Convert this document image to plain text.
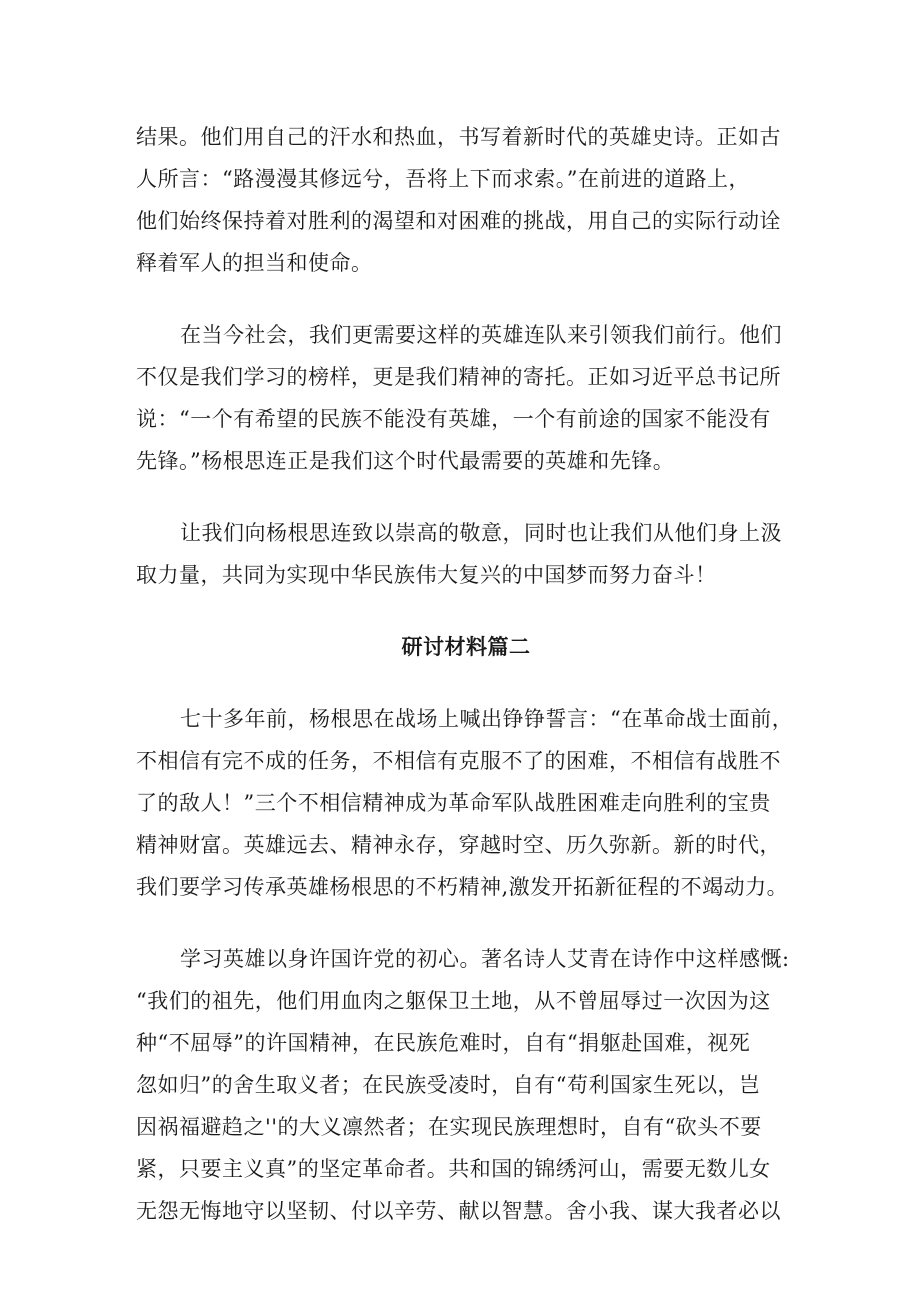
结果。他们用自己的汗水和热血，书写着新时代的英雄史诗。正如古
人所言：“路漫漫其修远兮，吾将上下而求索。”在前进的道路上，
他们始终保持着对胜利的渴望和对困难的挑战，用自己的实际行动诠
释着军人的担当和使命。
在当今社会，我们更需要这样的英雄连队来引领我们前行。他们
不仅是我们学习的榜样，更是我们精神的寄托。正如习近平总书记所
说：“一个有希望的民族不能没有英雄，一个有前途的国家不能没有
先锋。”杨根思连正是我们这个时代最需要的英雄和先锋。
让我们向杨根思连致以崇高的敬意，同时也让我们从他们身上汲
取力量，共同为实现中华民族伟大复兴的中国梦而努力奋斗！
研讨材料篇二
七十多年前，杨根思在战场上喊出铮铮誓言：“在革命战士面前，
不相信有完不成的任务，不相信有克服不了的困难，不相信有战胜不
了的敌人！”三个不相信精神成为革命军队战胜困难走向胜利的宝贵
精神财富。英雄远去、精神永存，穿越时空、历久弥新。新的时代，
我们要学习传承英雄杨根思的不朽精神,激发开拓新征程的不竭动力。
学习英雄以身许国许党的初心。著名诗人艾青在诗作中这样感慨:
“我们的祖先，他们用血肉之躯保卫土地，从不曾屈辱过一次因为这
种“不屈辱”的许国精神，在民族危难时，自有“捐躯赴国难，视死
忽如归”的舍生取义者；在民族受凌时，自有“苟利国家生死以，岂
因祸福避趋之''的大义凛然者；在实现民族理想时，自有“砍头不要
紧，只要主义真”的坚定革命者。共和国的锦绣河山，需要无数儿女
无怨无悔地守以坚韧、付以辛劳、献以智慧。舍小我、谋大我者必以
